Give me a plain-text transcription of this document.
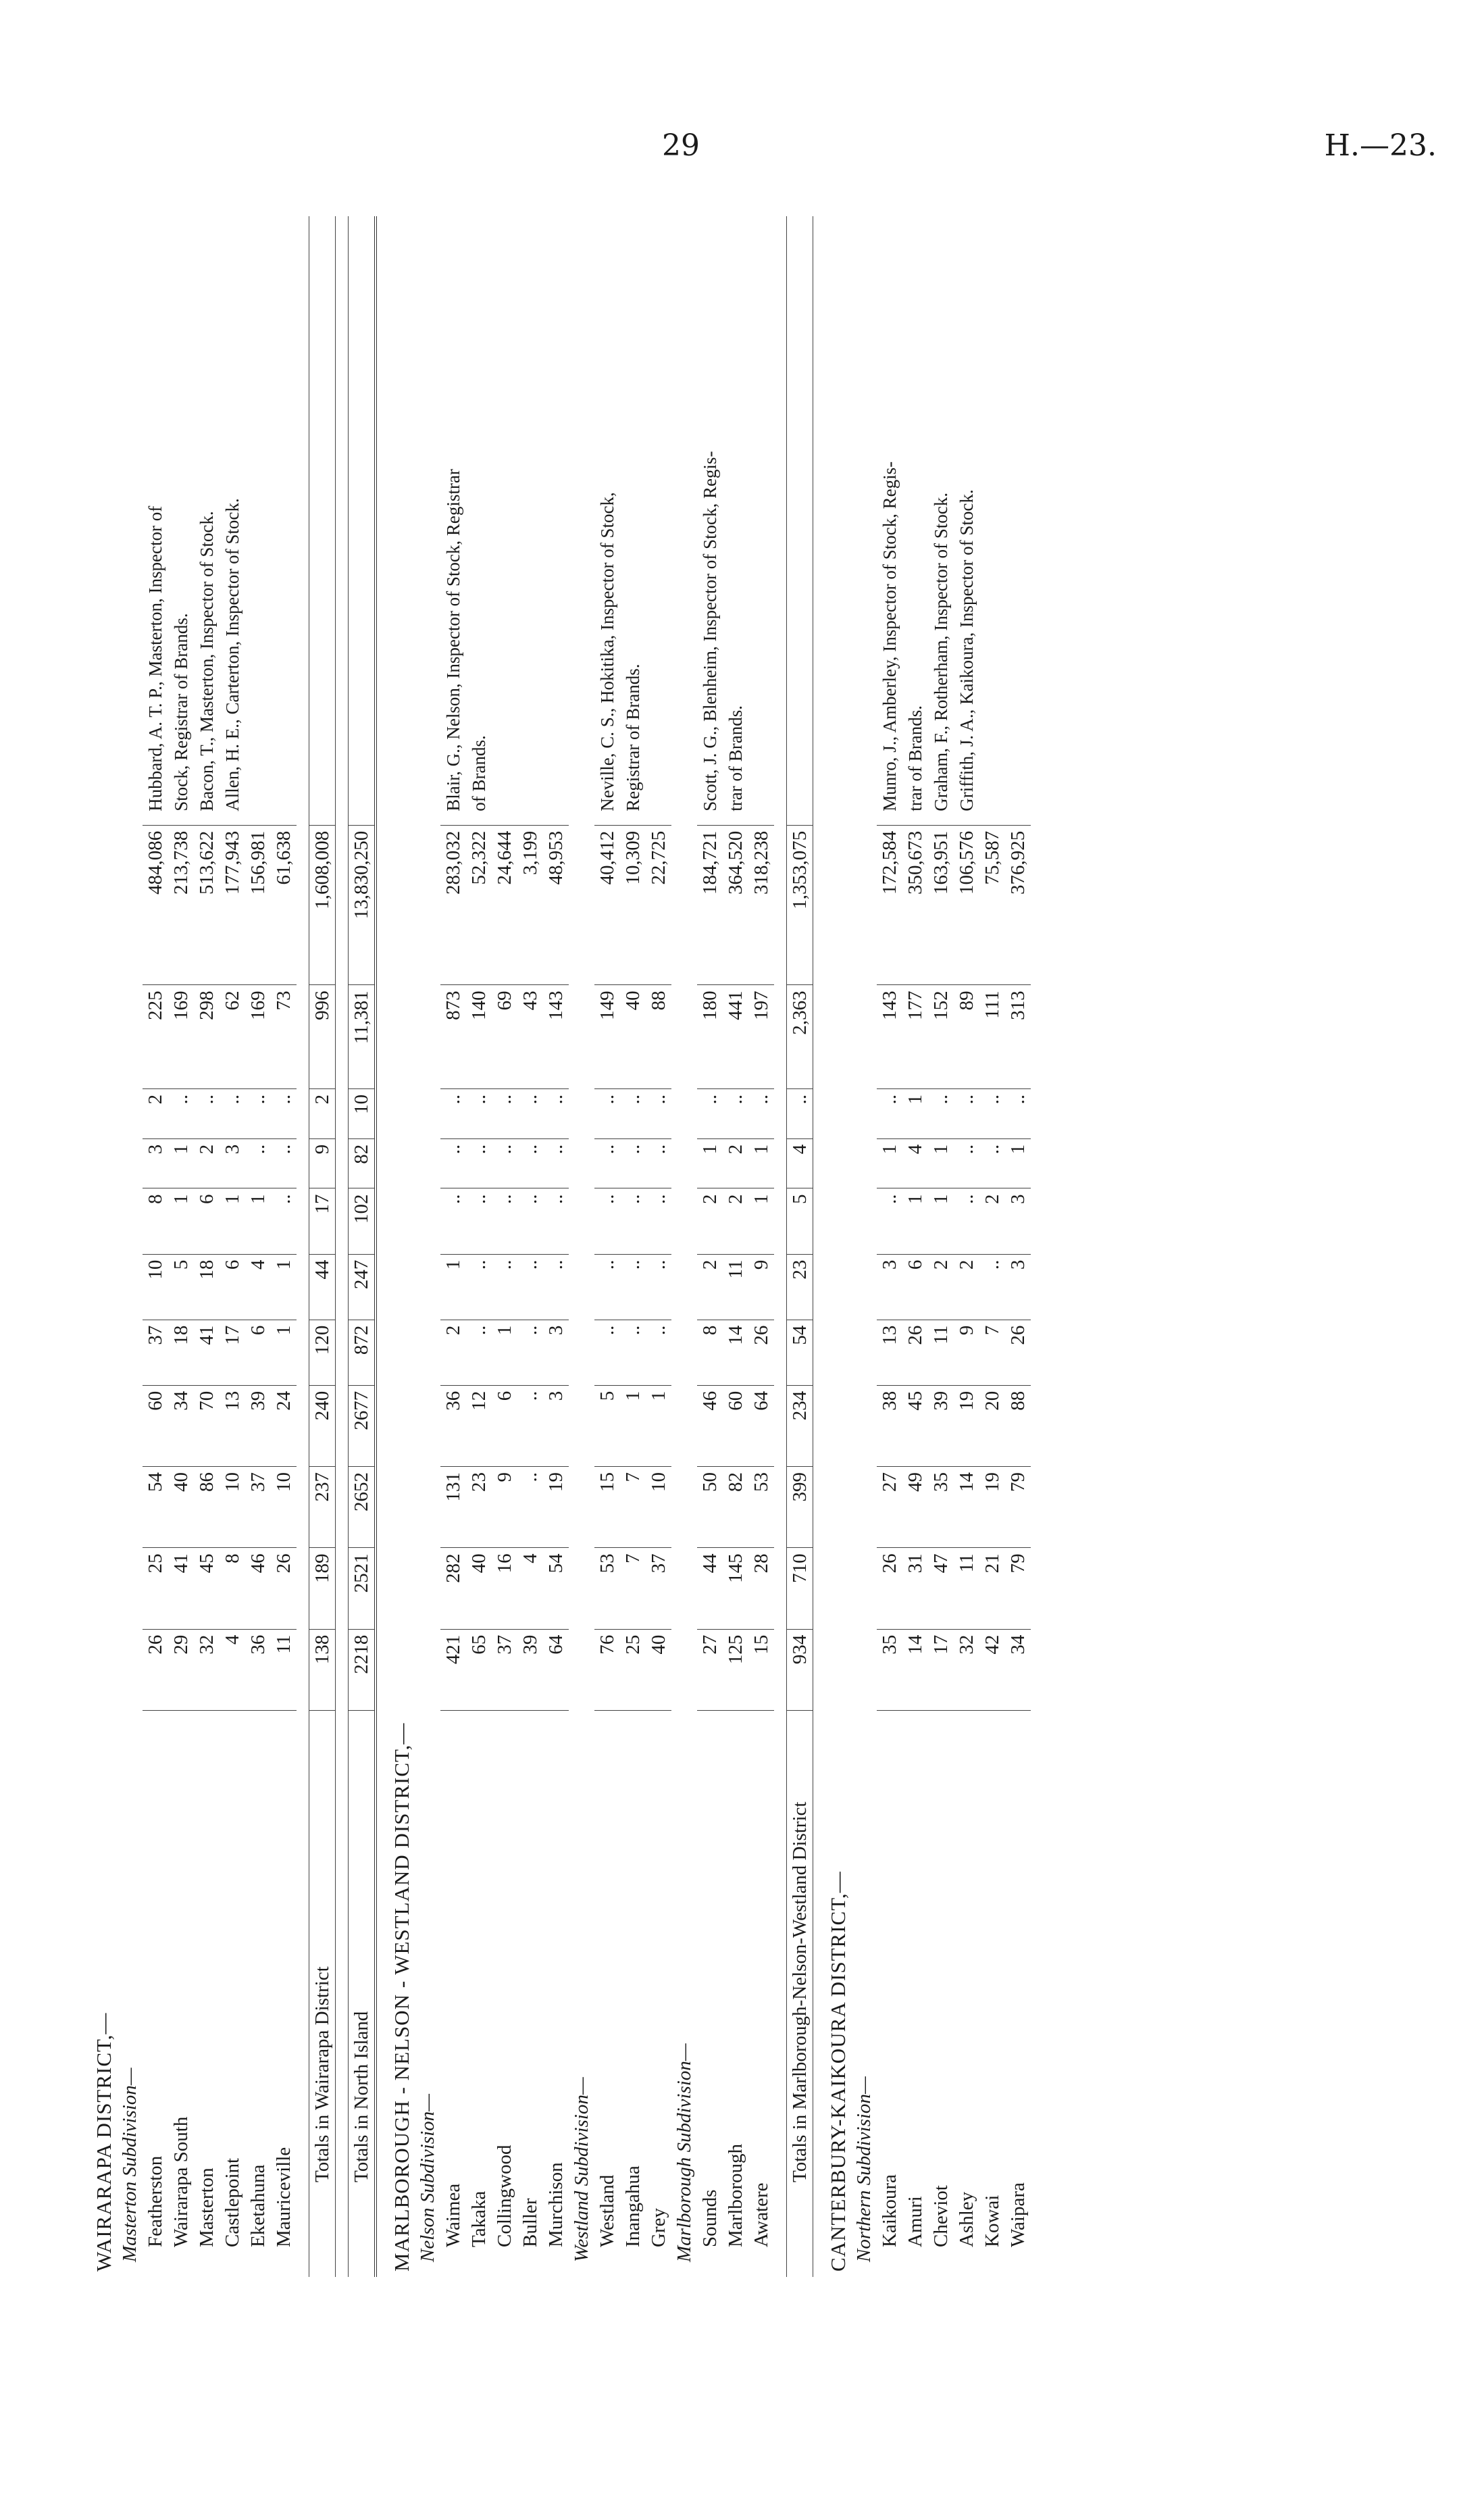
29	H.—23.
WAIRARAPA DISTRICT,—												
Masterton Subdivision—												
Featherston	26	25	54	60	37	10	8	3	2	225	484,086	Hubbard, A. T. P., Masterton, Inspector of
Wairarapa South	29	41	40	34	18	5	1	1	..	169	213,738	Stock, Registrar of Brands.
Masterton	32	45	86	70	41	18	6	2	..	298	513,622	Bacon, T., Masterton, Inspector of Stock.
Castlepoint	4	8	10	13	17	6	1	3	..	62	177,943	Allen, H. E., Carterton, Inspector of Stock.
Eketahuna	36	46	37	39	6	4	1	..	..	169	156,981	
Mauriceville	11	26	10	24	1	1	..	..	..	73	61,638	

Totals in Wairarapa District	138	189	237	240	120	44	17	9	2	996	1,608,008	

Totals in North Island	2218	2521	2652	2677	872	247	102	82	10	11,381	13,830,250	

MARLBOROUGH - NELSON - WESTLAND DISTRICT,—												
Nelson Subdivision—												
Waimea	421	282	131	36	2	1	..	..	..	873	283,032	Blair, G., Nelson, Inspector of Stock, Registrar
Takaka	65	40	23	12	..	..	..	..	..	140	52,322	of Brands.
Collingwood	37	16	9	6	1	..	..	..	..	69	24,644	
Buller	39	4	..	..	..	..	..	..	..	43	3,199	
Murchison	64	54	19	3	3	..	..	..	..	143	48,953	
Westland Subdivision—												
Westland	76	53	15	5	..	..	..	..	..	149	40,412	Neville, C. S., Hokitika, Inspector of Stock,
Inangahua	25	7	7	1	..	..	..	..	..	40	10,309	Registrar of Brands.
Grey	40	37	10	1	..	..	..	..	..	88	22,725	
Marlborough Subdivision—												
Sounds	27	44	50	46	8	2	2	1	..	180	184,721	Scott, J. G., Blenheim, Inspector of Stock, Regis-
Marlborough	125	145	82	60	14	11	2	2	..	441	364,520	trar of Brands.
Awatere	15	28	53	64	26	9	1	1	..	197	318,238	

Totals in Marlborough-Nelson-Westland District	934	710	399	234	54	23	5	4	..	2,363	1,353,075	

CANTERBURY-KAIKOURA DISTRICT,—												
Northern Subdivision—												
Kaikoura	35	26	27	38	13	3	..	1	..	143	172,584	Munro, J., Amberley, Inspector of Stock, Regis-
Amuri	14	31	49	45	26	6	1	4	1	177	350,673	trar of Brands.
Cheviot	17	47	35	39	11	2	1	1	..	152	163,951	Graham, F., Rotherham, Inspector of Stock.
Ashley	32	11	14	19	9	2	..	..	..	89	106,576	Griffith, J. A., Kaikoura, Inspector of Stock.
Kowai	42	21	19	20	7	..	2	..	..	111	75,587	
Waipara	34	79	79	88	26	3	3	1	..	313	376,925	
